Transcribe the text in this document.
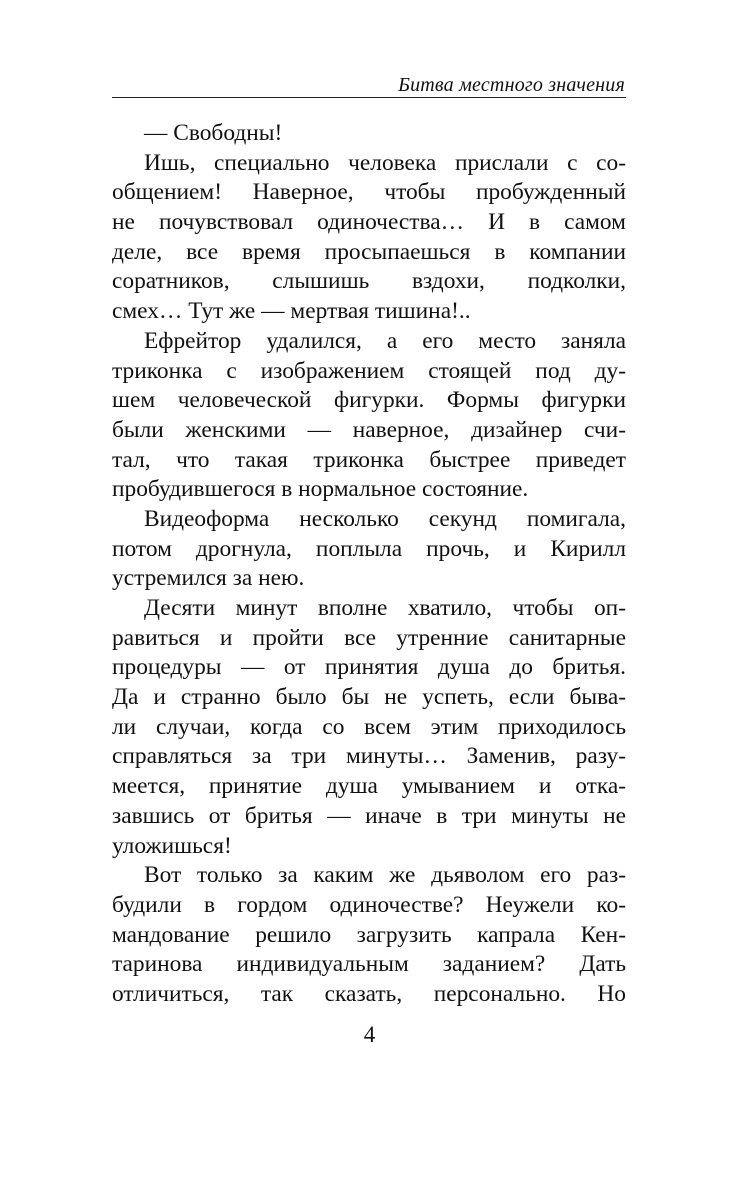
Битва местного значения
— Свободны!
Ишь, специально человека прислали с со-
общением! Наверное, чтобы пробужденный
не почувствовал одиночества… И в самом
деле, все время просыпаешься в компании
соратников, слышишь вздохи, подколки,
смех… Тут же — мертвая тишина!..
Ефрейтор удалился, а его место заняла
триконка с изображением стоящей под ду-
шем человеческой фигурки. Формы фигурки
были женскими — наверное, дизайнер счи-
тал, что такая триконка быстрее приведет
пробудившегося в нормальное состояние.
Видеоформа несколько секунд помигала,
потом дрогнула, поплыла прочь, и Кирилл
устремился за нею.
Десяти минут вполне хватило, чтобы оп-
равиться и пройти все утренние санитарные
процедуры — от принятия душа до бритья.
Да и странно было бы не успеть, если быва-
ли случаи, когда со всем этим приходилось
справляться за три минуты… Заменив, разу-
меется, принятие душа умыванием и отка-
завшись от бритья — иначе в три минуты не
уложишься!
Вот только за каким же дьяволом его раз-
будили в гордом одиночестве? Неужели ко-
мандование решило загрузить капрала Кен-
таринова индивидуальным заданием? Дать
отличиться, так сказать, персонально. Но
4
